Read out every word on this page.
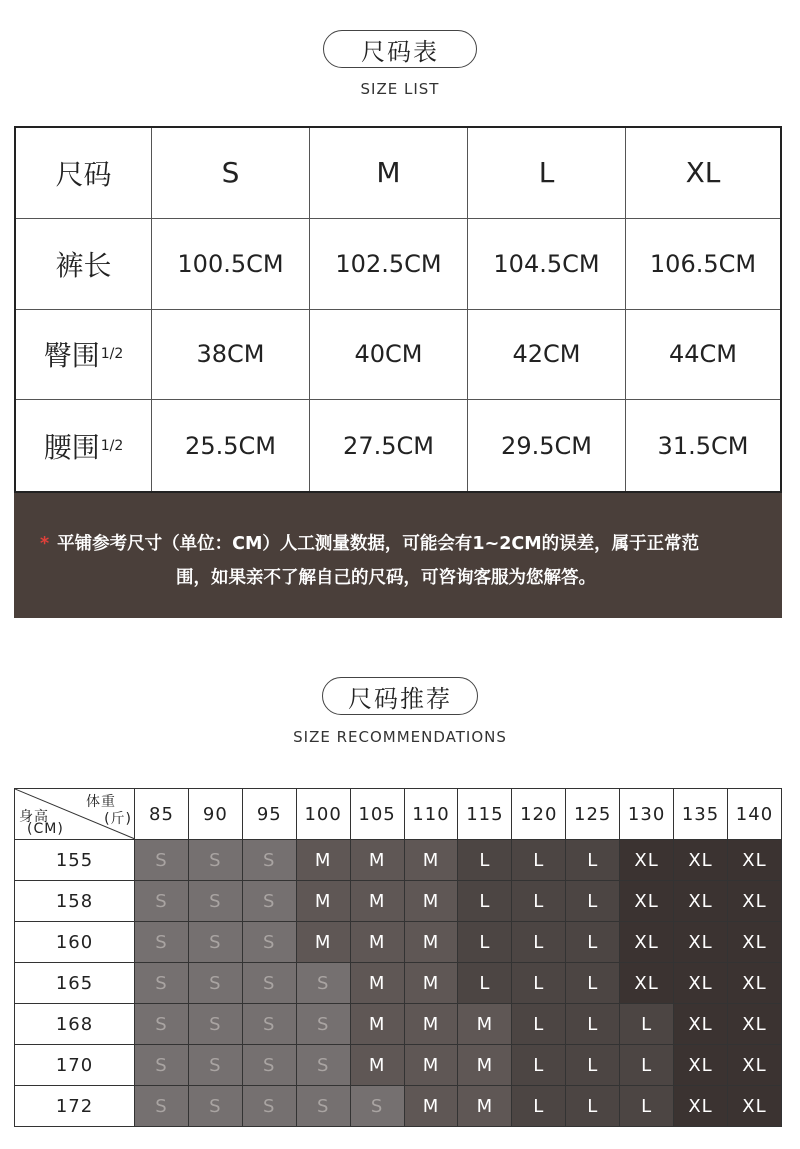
尺码表
SIZE LIST
尺码	S	M	L	XL
裤长	100.5CM	102.5CM	104.5CM	106.5CM
臀围 1/2	38CM	40CM	42CM	44CM
腰围 1/2	25.5CM	27.5CM	29.5CM	31.5CM
* 平铺参考尺寸（单位：CM）人工测量数据，可能会有1~2CM的误差，属于正常范
围，如果亲不了解自己的尺码，可咨询客服为您解答。
尺码推荐
SIZE RECOMMENDATIONS
体重
(斤)
身高
(CM)	85	90	95	100	105	110	115	120	125	130	135	140
155	S	S	S	M	M	M	L	L	L	XL	XL	XL
158	S	S	S	M	M	M	L	L	L	XL	XL	XL
160	S	S	S	M	M	M	L	L	L	XL	XL	XL
165	S	S	S	S	M	M	L	L	L	XL	XL	XL
168	S	S	S	S	M	M	M	L	L	L	XL	XL
170	S	S	S	S	M	M	M	L	L	L	XL	XL
172	S	S	S	S	S	M	M	L	L	L	XL	XL
